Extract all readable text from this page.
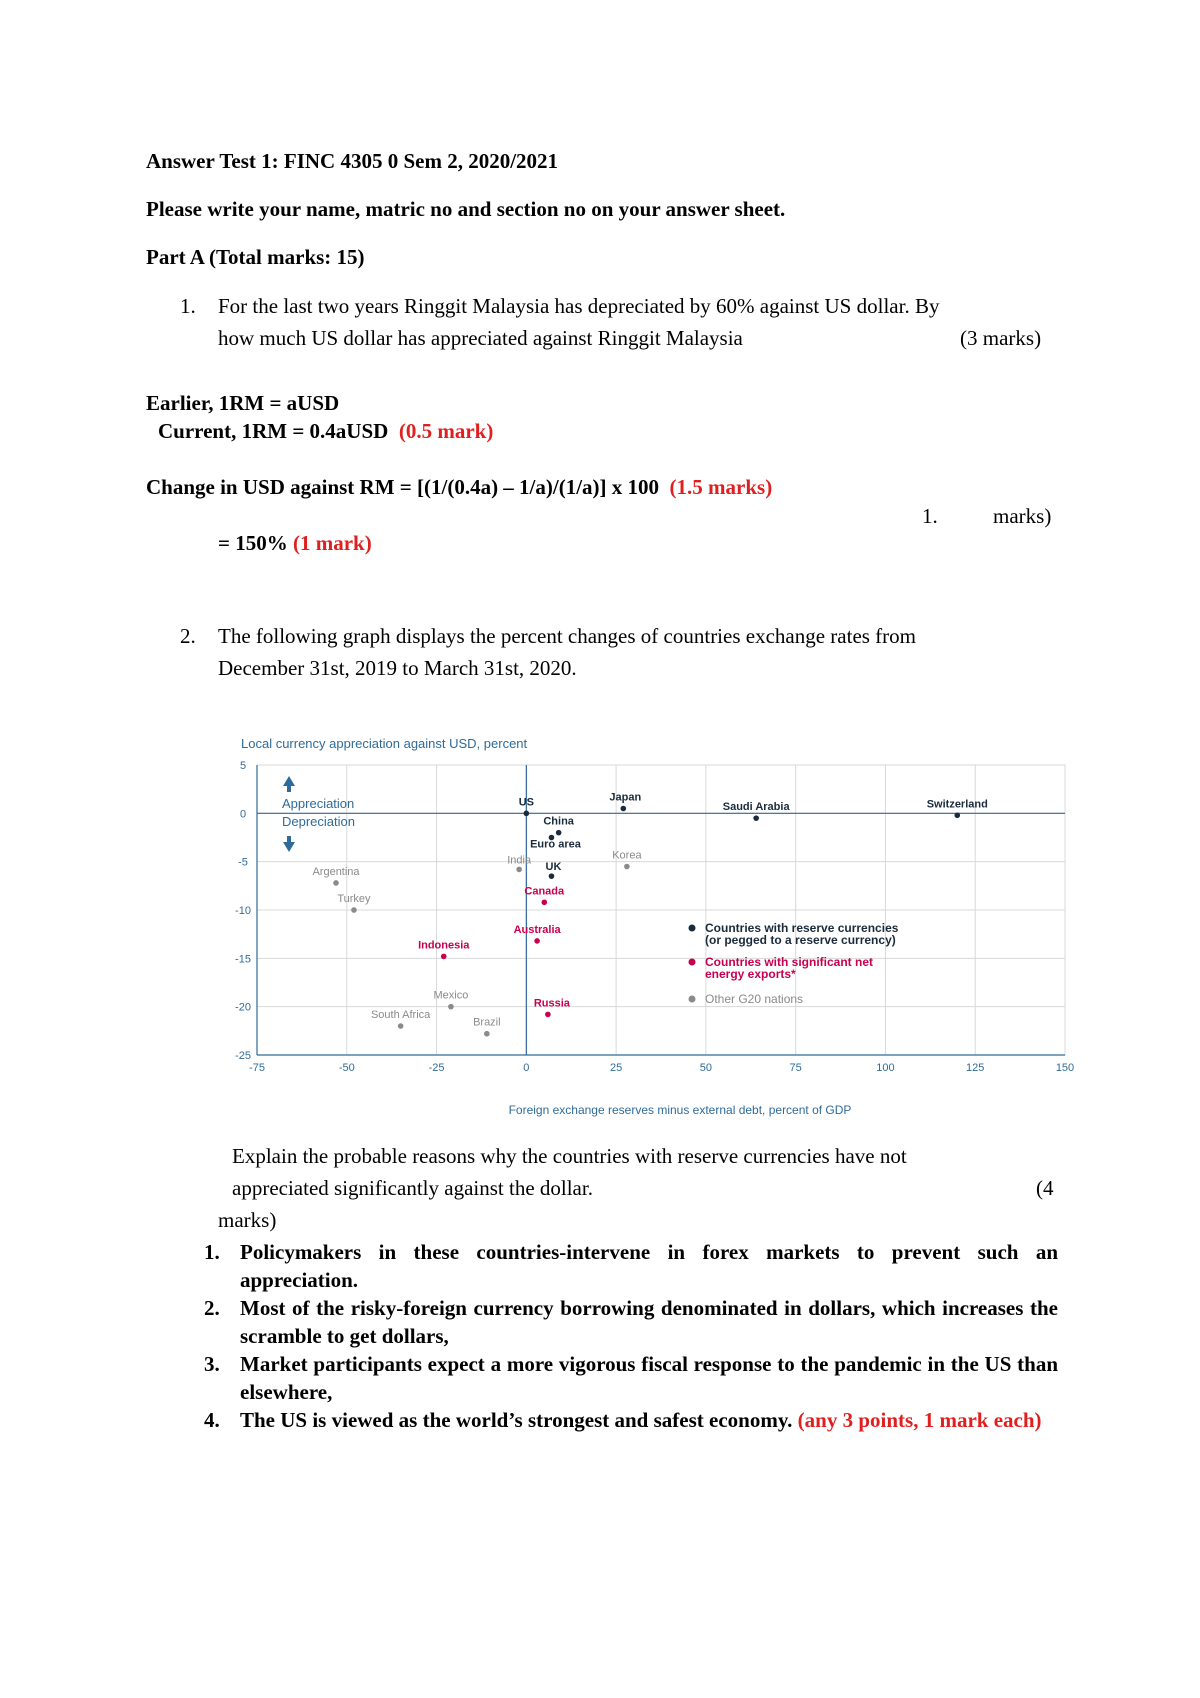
Answer Test 1: FINC 4305 0 Sem 2, 2020/2021
Please write your name, matric no and section no on your answer sheet.
Part A (Total marks: 15)
1. For the last two years Ringgit Malaysia has depreciated by 60% against US dollar. By
how much US dollar has appreciated against Ringgit Malaysia	(3 marks)
Earlier, 1RM = aUSD
Current, 1RM = 0.4aUSD (0.5 mark)
Change in USD against RM = [(1/(0.4a) – 1/a)/(1/a)] x 100 (1.5 marks)
1.	marks)
= 150% (1 mark)
2. The following graph displays the percent changes of countries exchange rates from
December 31st, 2019 to March 31st, 2020.
Local currency appreciation against USD, percent
5
0
-5
-10
-15
-20
-25
-75	-50	-25	0	25	50	75	100	125	150
Appreciation
Depreciation
US	Japan
Saudi Arabia	Switzerland
China
Euro area
UK
India	Korea
Argentina
Turkey
Canada
Australia
Indonesia
Mexico
South Africa
Brazil
Russia
Countries with reserve currencies
(or pegged to a reserve currency)
Countries with significant net
energy exports*
Other G20 nations
Foreign exchange reserves minus external debt, percent of GDP
Explain the probable reasons why the countries with reserve currencies have not
appreciated significantly against the dollar.	(4
marks)
1. Policymakers in these countries-intervene in forex markets to prevent such an appreciation.
2. Most of the risky-foreign currency borrowing denominated in dollars, which increases the scramble to get dollars,
3. Market participants expect a more vigorous fiscal response to the pandemic in the US than elsewhere,
4. The US is viewed as the world’s strongest and safest economy. (any 3 points, 1 mark each)
